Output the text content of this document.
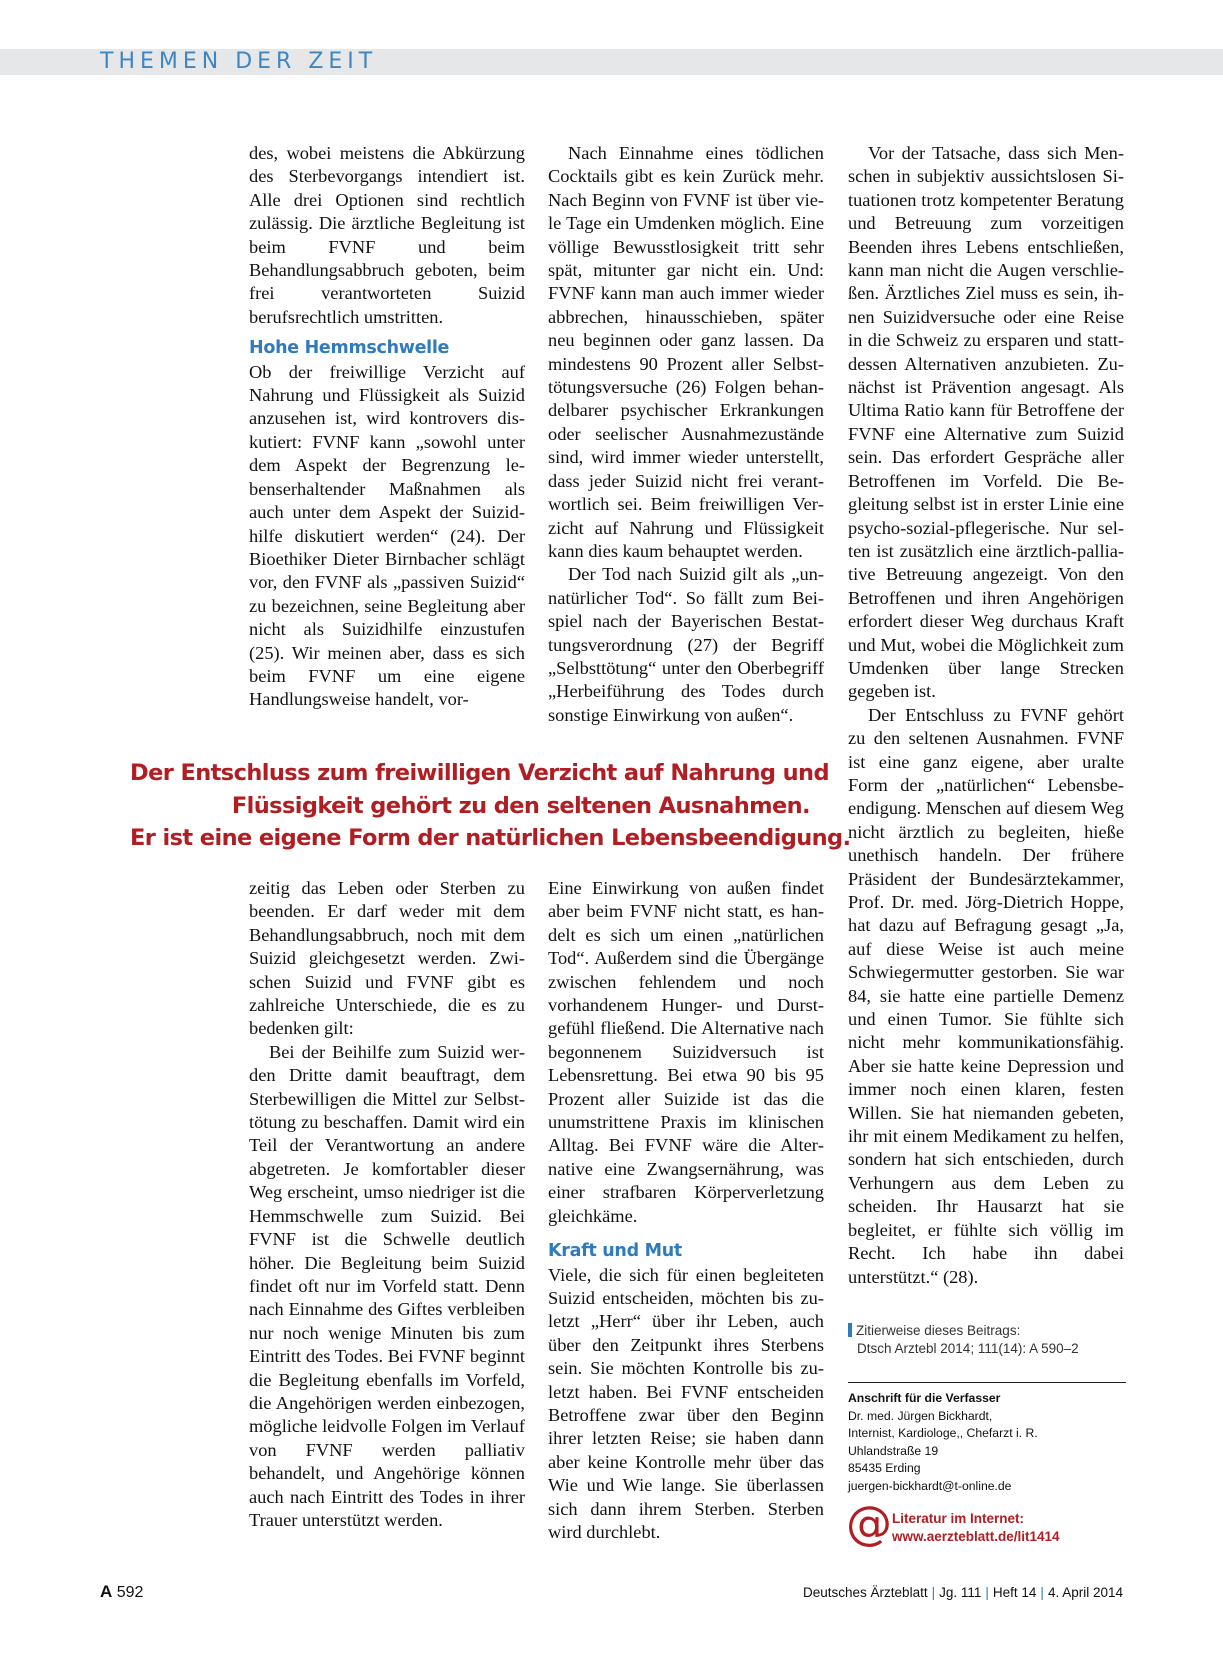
THEMEN DER ZEIT

des, wobei meistens die Abkürzung des Sterbevorgangs intendiert ist. Alle drei Optionen sind rechtlich zulässig. Die ärztliche Begleitung ist beim FVNF und beim Behandlungsabbruch geboten, beim frei verantworteten Suizid berufsrechtlich umstritten.

Hohe Hemmschwelle

Ob der freiwillige Verzicht auf Nahrung und Flüssigkeit als Suizid anzusehen ist, wird kontrovers diskutiert: FVNF kann „sowohl unter dem Aspekt der Begrenzung lebenserhaltender Maßnahmen als auch unter dem Aspekt der Suizidhilfe diskutiert werden“ (24). Der Bioethiker Dieter Birnbacher schlägt vor, den FVNF als „passiven Suizid“ zu bezeichnen, seine Begleitung aber nicht als Suizidhilfe einzustufen (25). Wir meinen aber, dass es sich beim FVNF um eine eigene Handlungsweise handelt, vor-

Nach Einnahme eines tödlichen Cocktails gibt es kein Zurück mehr. Nach Beginn von FVNF ist über viele Tage ein Umdenken möglich. Eine völlige Bewusstlosigkeit tritt sehr spät, mitunter gar nicht ein. Und: FVNF kann man auch immer wieder abbrechen, hinausschieben, später neu beginnen oder ganz lassen. Da mindestens 90 Prozent aller Selbsttötungsversuche (26) Folgen behandelbarer psychischer Erkrankungen oder seelischer Ausnahmezustände sind, wird immer wieder unterstellt, dass jeder Suizid nicht frei verantwortlich sei. Beim freiwilligen Verzicht auf Nahrung und Flüssigkeit kann dies kaum behauptet werden.

Der Tod nach Suizid gilt als „unnatürlicher Tod“. So fällt zum Beispiel nach der Bayerischen Bestattungsverordnung (27) der Begriff „Selbsttötung“ unter den Oberbegriff „Herbeiführung des Todes durch sonstige Einwirkung von außen“.

Vor der Tatsache, dass sich Menschen in subjektiv aussichtslosen Situationen trotz kompetenter Beratung und Betreuung zum vorzeitigen Beenden ihres Lebens entschließen, kann man nicht die Augen verschließen. Ärztliches Ziel muss es sein, ihnen Suizidversuche oder eine Reise in die Schweiz zu ersparen und stattdessen Alternativen anzubieten. Zunächst ist Prävention angesagt. Als Ultima Ratio kann für Betroffene der FVNF eine Alternative zum Suizid sein. Das erfordert Gespräche aller Betroffenen im Vorfeld. Die Begleitung selbst ist in erster Linie eine psycho-sozial-pflegerische. Nur selten ist zusätzlich eine ärztlich-palliative Betreuung angezeigt. Von den Betroffenen und ihren Angehörigen erfordert dieser Weg durchaus Kraft und Mut, wobei die Möglichkeit zum Umdenken über lange Strecken gegeben ist.

Der Entschluss zu FVNF gehört zu den seltenen Ausnahmen. FVNF ist eine ganz eigene, aber uralte Form der „natürlichen“ Lebensbeendigung. Menschen auf diesem Weg nicht ärztlich zu begleiten, hieße unethisch handeln. Der frühere Präsident der Bundesärztekammer, Prof. Dr. med. Jörg-Dietrich Hoppe, hat dazu auf Befragung gesagt „Ja, auf diese Weise ist auch meine Schwiegermutter gestorben. Sie war 84, sie hatte eine partielle Demenz und einen Tumor. Sie fühlte sich nicht mehr kommunikationsfähig. Aber sie hatte keine Depression und immer noch einen klaren, festen Willen. Sie hat niemanden gebeten, ihr mit einem Medikament zu helfen, sondern hat sich entschieden, durch Verhungern aus dem Leben zu scheiden. Ihr Hausarzt hat sie begleitet, er fühlte sich völlig im Recht. Ich habe ihn dabei unterstützt.“ (28).

Der Entschluss zum freiwilligen Verzicht auf Nahrung und
Flüssigkeit gehört zu den seltenen Ausnahmen.
Er ist eine eigene Form der natürlichen Lebensbeendigung.

zeitig das Leben oder Sterben zu beenden. Er darf weder mit dem Behandlungsabbruch, noch mit dem Suizid gleichgesetzt werden. Zwischen Suizid und FVNF gibt es zahlreiche Unterschiede, die es zu bedenken gilt:

Bei der Beihilfe zum Suizid werden Dritte damit beauftragt, dem Sterbewilligen die Mittel zur Selbsttötung zu beschaffen. Damit wird ein Teil der Verantwortung an andere abgetreten. Je komfortabler dieser Weg erscheint, umso niedriger ist die Hemmschwelle zum Suizid. Bei FVNF ist die Schwelle deutlich höher. Die Begleitung beim Suizid findet oft nur im Vorfeld statt. Denn nach Einnahme des Giftes verbleiben nur noch wenige Minuten bis zum Eintritt des Todes. Bei FVNF beginnt die Begleitung ebenfalls im Vorfeld, die Angehörigen werden einbezogen, mögliche leidvolle Folgen im Verlauf von FVNF werden palliativ behandelt, und Angehörige können auch nach Eintritt des Todes in ihrer Trauer unterstützt werden.

Eine Einwirkung von außen findet aber beim FVNF nicht statt, es handelt es sich um einen „natürlichen Tod“. Außerdem sind die Übergänge zwischen fehlendem und noch vorhandenem Hunger- und Durstgefühl fließend. Die Alternative nach begonnenem Suizidversuch ist Lebensrettung. Bei etwa 90 bis 95 Prozent aller Suizide ist das die unumstrittene Praxis im klinischen Alltag. Bei FVNF wäre die Alternative eine Zwangsernährung, was einer strafbaren Körperverletzung gleichkäme.

Kraft und Mut

Viele, die sich für einen begleiteten Suizid entscheiden, möchten bis zuletzt „Herr“ über ihr Leben, auch über den Zeitpunkt ihres Sterbens sein. Sie möchten Kontrolle bis zuletzt haben. Bei FVNF entscheiden Betroffene zwar über den Beginn ihrer letzten Reise; sie haben dann aber keine Kontrolle mehr über das Wie und Wie lange. Sie überlassen sich dann ihrem Sterben. Sterben wird durchlebt.

Zitierweise dieses Beitrags:
Dtsch Arztebl 2014; 111(14): A 590–2
Anschrift für die Verfasser
Dr. med. Jürgen Bickhardt,
Internist, Kardiologe,, Chefarzt i. R.
Uhlandstraße 19
85435 Erding
juergen-bickhardt@t-online.de
@ Literatur im Internet:
www.aerzteblatt.de/lit1414
A 592	Deutsches Ärzteblatt | Jg. 111 | Heft 14 | 4. April 2014
